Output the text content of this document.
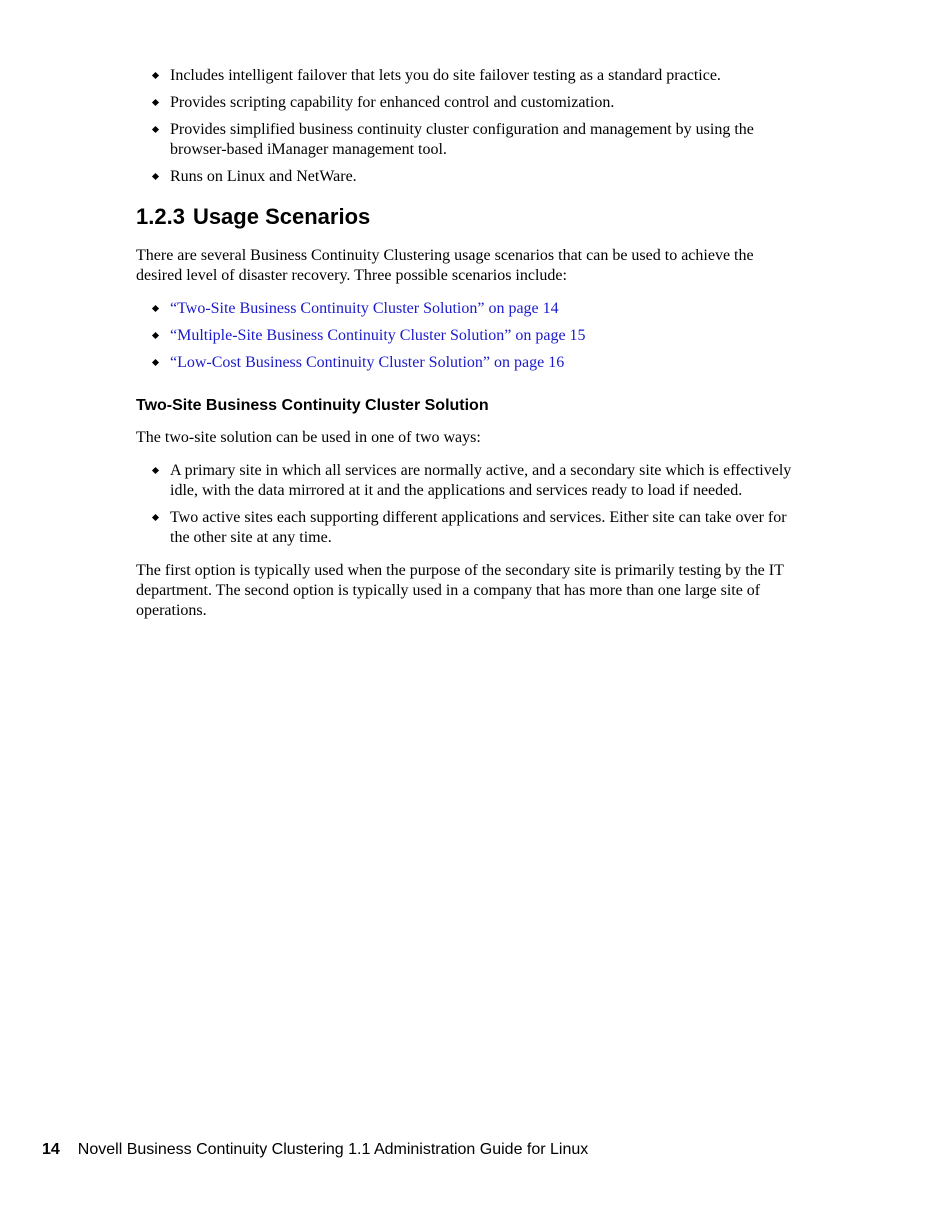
Includes intelligent failover that lets you do site failover testing as a standard practice.
Provides scripting capability for enhanced control and customization.
Provides simplified business continuity cluster configuration and management by using the browser-based iManager management tool.
Runs on Linux and NetWare.
1.2.3 Usage Scenarios

There are several Business Continuity Clustering usage scenarios that can be used to achieve the desired level of disaster recovery. Three possible scenarios include:

“Two-Site Business Continuity Cluster Solution” on page 14
“Multiple-Site Business Continuity Cluster Solution” on page 15
“Low-Cost Business Continuity Cluster Solution” on page 16
Two-Site Business Continuity Cluster Solution

The two-site solution can be used in one of two ways:

A primary site in which all services are normally active, and a secondary site which is effectively idle, with the data mirrored at it and the applications and services ready to load if needed.
Two active sites each supporting different applications and services. Either site can take over for the other site at any time.

The first option is typically used when the purpose of the secondary site is primarily testing by the IT department. The second option is typically used in a company that has more than one large site of operations.

14 Novell Business Continuity Clustering 1.1 Administration Guide for Linux
